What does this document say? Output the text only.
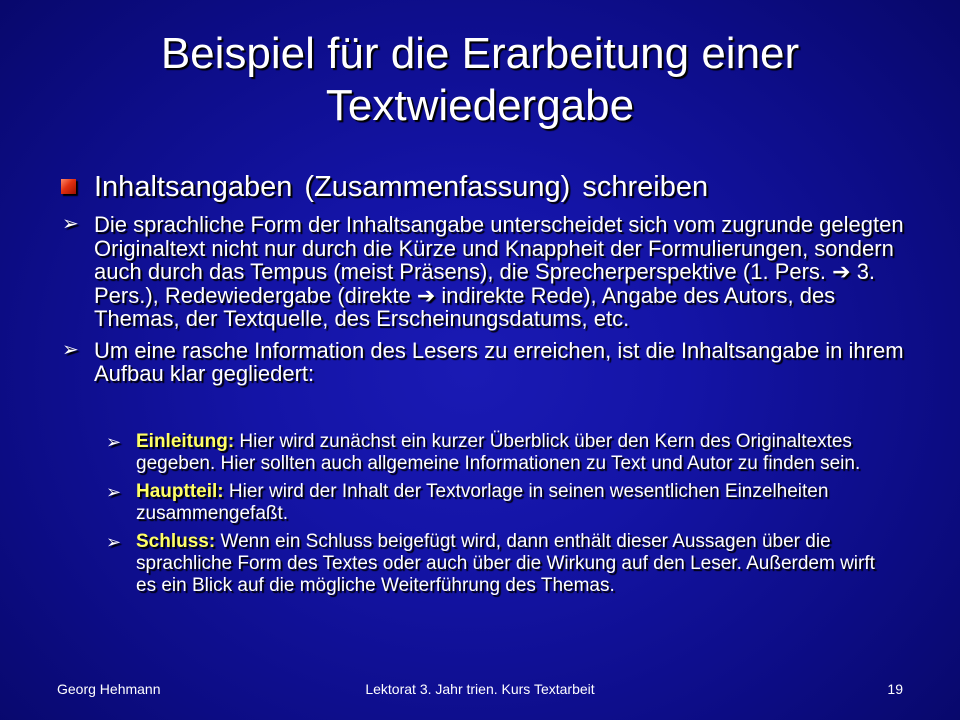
Beispiel für die Erarbeitung einer Textwiedergabe
Inhaltsangaben (Zusammenfassung) schreiben
➢ Die sprachliche Form der Inhaltsangabe unterscheidet sich vom zugrunde gelegten Originaltext nicht nur durch die Kürze und Knappheit der Formulierungen, sondern auch durch das Tempus (meist Präsens), die Sprecherperspektive (1. Pers. ➔ 3. Pers.), Redewiedergabe (direkte ➔ indirekte Rede), Angabe des Autors, des Themas, der Textquelle, des Erscheinungsdatums, etc.
➢ Um eine rasche Information des Lesers zu erreichen, ist die Inhaltsangabe in ihrem Aufbau klar gegliedert:
➢ Einleitung: Hier wird zunächst ein kurzer Überblick über den Kern des Originaltextes gegeben. Hier sollten auch allgemeine Informationen zu Text und Autor zu finden sein.
➢ Hauptteil: Hier wird der Inhalt der Textvorlage in seinen wesentlichen Einzelheiten zusammengefaßt.
➢ Schluss: Wenn ein Schluss beigefügt wird, dann enthält dieser Aussagen über die sprachliche Form des Textes oder auch über die Wirkung auf den Leser. Außerdem wirft es ein Blick auf die mögliche Weiterführung des Themas.
Georg Hehmann	Lektorat 3. Jahr trien. Kurs Textarbeit	19
